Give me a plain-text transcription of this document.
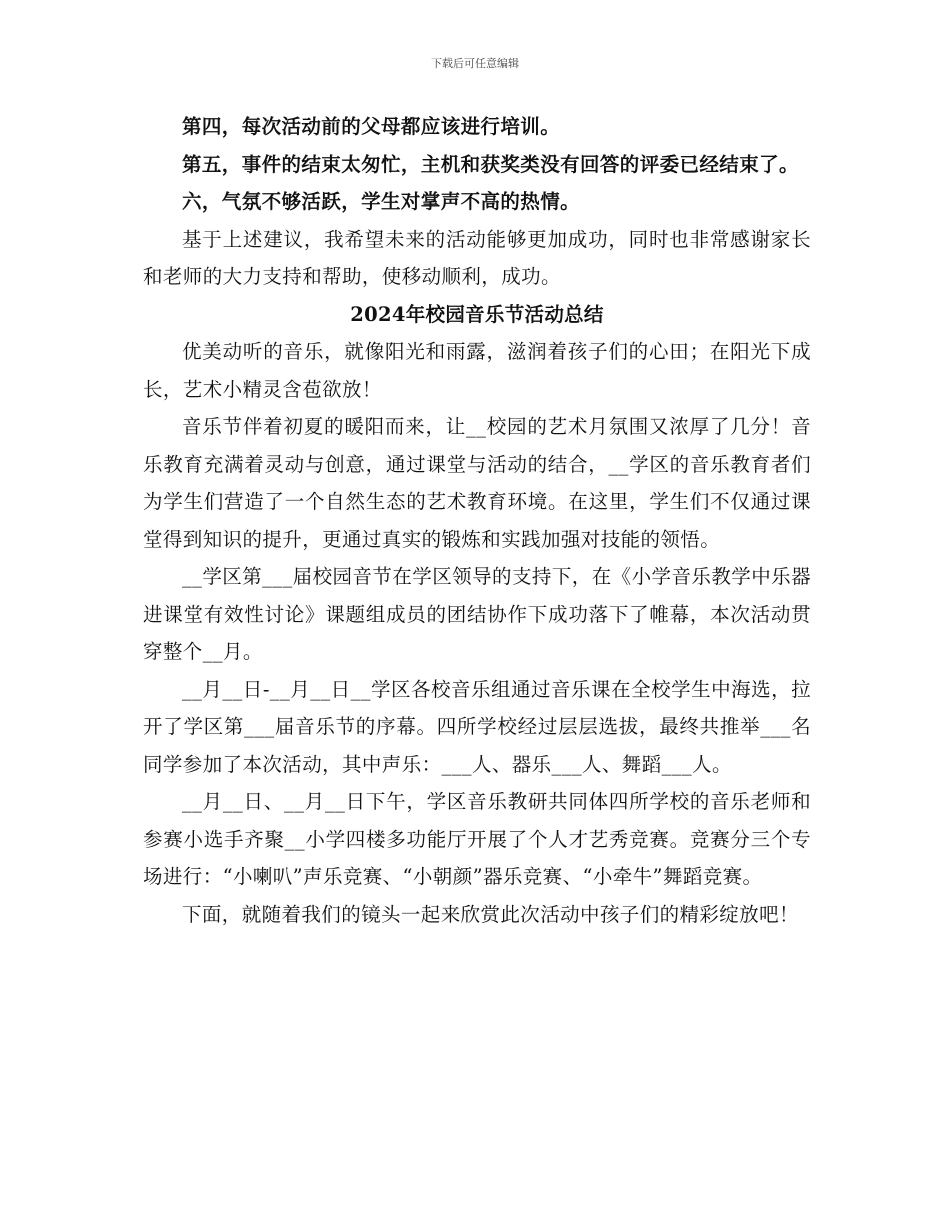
下载后可任意编辑

第四，每次活动前的父母都应该进行培训。

第五，事件的结束太匆忙，主机和获奖类没有回答的评委已经结束了。

六，气氛不够活跃，学生对掌声不高的热情。

基于上述建议，我希望未来的活动能够更加成功，同时也非常感谢家长和老师的大力支持和帮助，使移动顺利，成功。

2024年校园音乐节活动总结

优美动听的音乐，就像阳光和雨露，滋润着孩子们的心田；在阳光下成长，艺术小精灵含苞欲放！

音乐节伴着初夏的暖阳而来，让__校园的艺术月氛围又浓厚了几分！音乐教育充满着灵动与创意，通过课堂与活动的结合，__学区的音乐教育者们为学生们营造了一个自然生态的艺术教育环境。在这里，学生们不仅通过课堂得到知识的提升，更通过真实的锻炼和实践加强对技能的领悟。

__学区第___届校园音节在学区领导的支持下，在《小学音乐教学中乐器进课堂有效性讨论》课题组成员的团结协作下成功落下了帷幕，本次活动贯穿整个__月。

__月__日-__月__日__学区各校音乐组通过音乐课在全校学生中海选，拉开了学区第___届音乐节的序幕。四所学校经过层层选拔，最终共推举___名同学参加了本次活动，其中声乐：___人、器乐___人、舞蹈___人。

__月__日、__月__日下午，学区音乐教研共同体四所学校的音乐老师和参赛小选手齐聚__小学四楼多功能厅开展了个人才艺秀竞赛。竞赛分三个专场进行：“小喇叭”声乐竞赛、“小朝颜”器乐竞赛、“小牵牛”舞蹈竞赛。

下面，就随着我们的镜头一起来欣赏此次活动中孩子们的精彩绽放吧！
